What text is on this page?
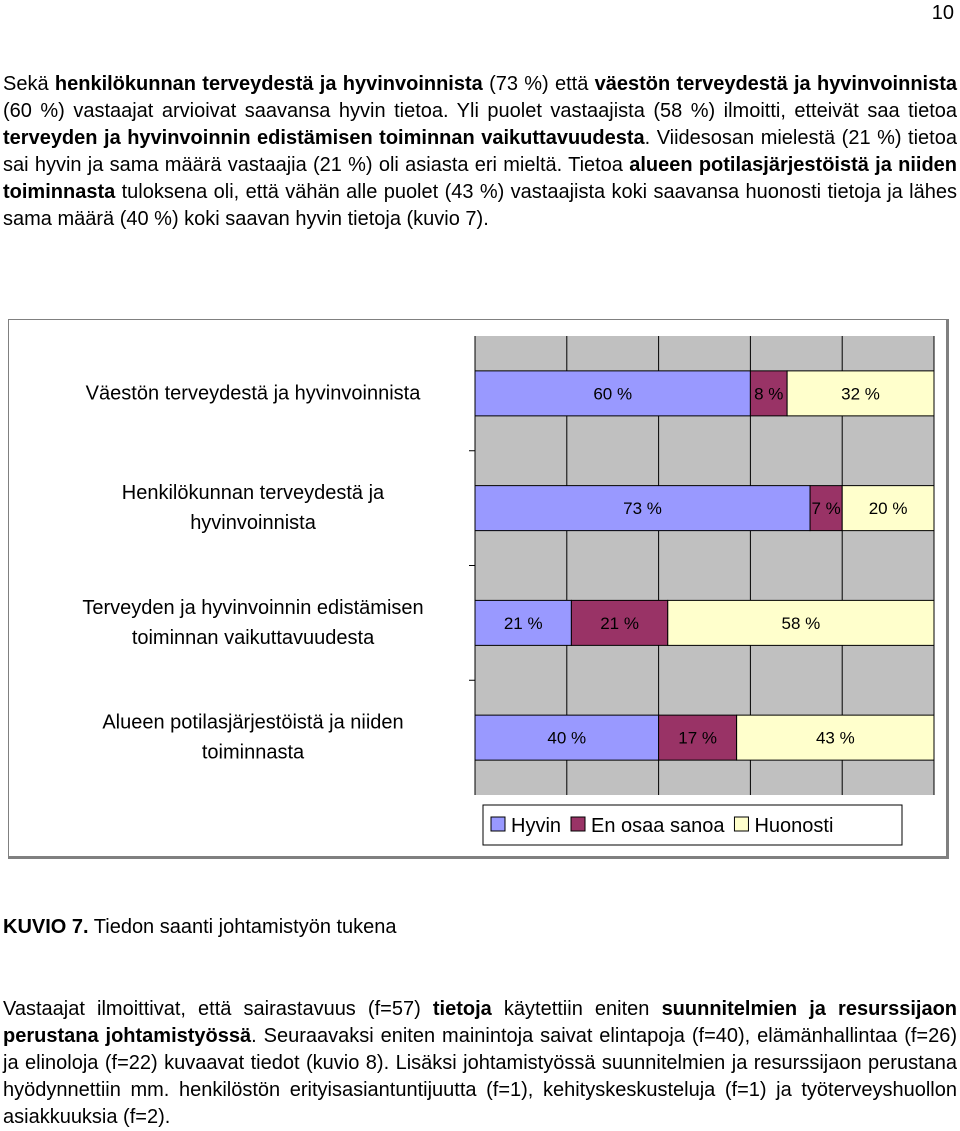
10

Sekä henkilökunnan terveydestä ja hyvinvoinnista (73 %) että väestön terveydestä ja hyvinvoinnista (60 %) vastaajat arvioivat saavansa hyvin tietoa. Yli puolet vastaajista (58 %) ilmoitti, etteivät saa tietoa terveyden ja hyvinvoinnin edistämisen toiminnan vaikuttavuudesta. Viidesosan mielestä (21 %) tietoa sai hyvin ja sama määrä vastaajia (21 %) oli asiasta eri mieltä. Tietoa alueen potilasjärjestöistä ja niiden toiminnasta tuloksena oli, että vähän alle puolet (43 %) vastaajista koki saavansa huonosti tietoja ja lähes sama määrä (40 %) koki saavan hyvin tietoja (kuvio 7).

60 %	8 %	32 %
Väestön terveydestä ja hyvinvoinnista
73 %	7 % 20 %
Henkilökunnan terveydestä ja
hyvinvoinnista
21 %	21 %	58 %
Terveyden ja hyvinvoinnin edistämisen
toiminnan vaikuttavuudesta
40 %	17 %	43 %
Alueen potilasjärjestöistä ja niiden
toiminnasta
Hyvin En osaa sanoa Huonosti
KUVIO 7. Tiedon saanti johtamistyön tukena

Vastaajat ilmoittivat, että sairastavuus (f=57) tietoja käytettiin eniten suunnitelmien ja resurssijaon perustana johtamistyössä. Seuraavaksi eniten mainintoja saivat elintapoja (f=40), elämänhallintaa (f=26) ja elinoloja (f=22) kuvaavat tiedot (kuvio 8). Lisäksi johtamistyössä suunnitelmien ja resurssijaon perustana hyödynnettiin mm. henkilöstön erityisasiantuntijuutta (f=1), kehityskeskusteluja (f=1) ja työterveyshuollon asiakkuuksia (f=2).
